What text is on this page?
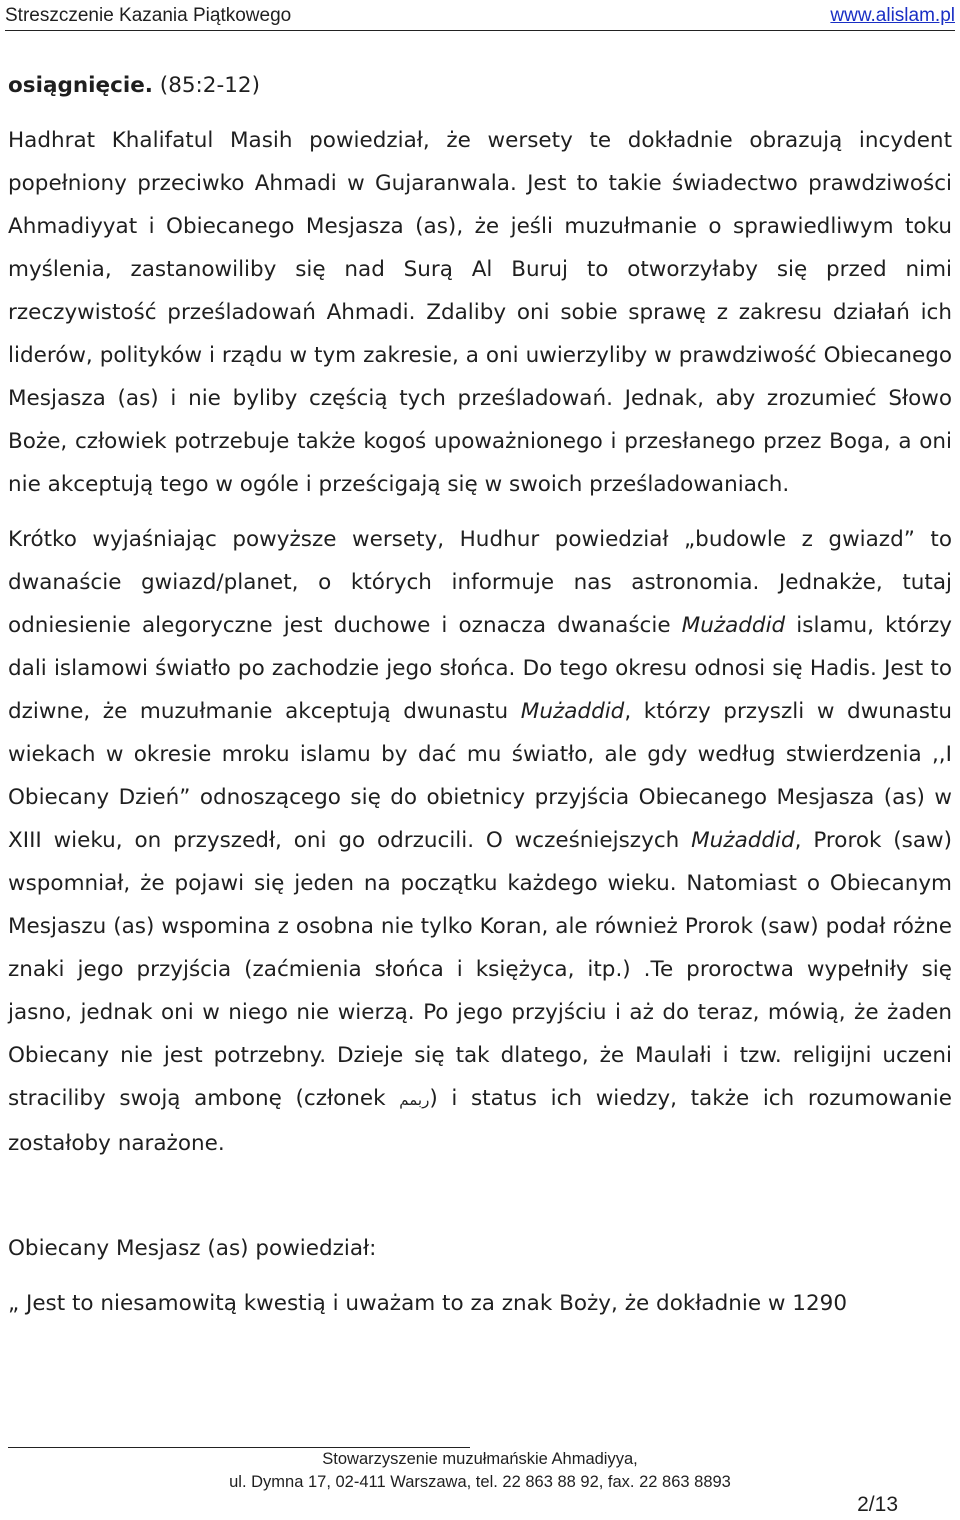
Streszczenie Kazania Piątkowego	www.alislam.pl

osiągnięcie. (85:2-12)

Hadhrat Khalifatul Masih powiedział, że wersety te dokładnie obrazują incydent popełniony przeciwko Ahmadi w Gujaranwala. Jest to takie świadectwo prawdziwości Ahmadiyyat i Obiecanego Mesjasza (as), że jeśli muzułmanie o sprawiedliwym toku myślenia, zastanowiliby się nad Surą Al Buruj to otworzyłaby się przed nimi rzeczywistość prześladowań Ahmadi. Zdaliby oni sobie sprawę z zakresu działań ich liderów, polityków i rządu w tym zakresie, a oni uwierzyliby w prawdziwość Obiecanego Mesjasza (as) i nie byliby częścią tych prześladowań. Jednak, aby zrozumieć Słowo Boże, człowiek potrzebuje także kogoś upoważnionego i przesłanego przez Boga, a oni nie akceptują tego w ogóle i prześcigają się w swoich prześladowaniach.

Krótko wyjaśniając powyższe wersety, Hudhur powiedział „budowle z gwiazd” to dwanaście gwiazd/planet, o których informuje nas astronomia. Jednakże, tutaj odniesienie alegoryczne jest duchowe i oznacza dwanaście Mużaddid islamu, którzy dali islamowi światło po zachodzie jego słońca. Do tego okresu odnosi się Hadis. Jest to dziwne, że muzułmanie akceptują dwunastu Mużaddid, którzy przyszli w dwunastu wiekach w okresie mroku islamu by dać mu światło, ale gdy według stwierdzenia ,,I Obiecany Dzień” odnoszącego się do obietnicy przyjścia Obiecanego Mesjasza (as) w XIII wieku, on przyszedł, oni go odrzucili. O wcześniejszych Mużaddid, Prorok (saw) wspomniał, że pojawi się jeden na początku każdego wieku. Natomiast o Obiecanym Mesjaszu (as) wspomina z osobna nie tylko Koran, ale również Prorok (saw) podał różne znaki jego przyjścia (zaćmienia słońca i księżyca, itp.) .Te proroctwa wypełniły się jasno, jednak oni w niego nie wierzą. Po jego przyjściu i aż do teraz, mówią, że żaden Obiecany nie jest potrzebny. Dzieje się tak dlatego, że Maulałi i tzw. religijni uczeni straciliby swoją ambonę (członek ربمم) i status ich wiedzy, także ich rozumowanie zostałoby narażone.

Obiecany Mesjasz (as) powiedział:

„ Jest to niesamowitą kwestią i uważam to za znak Boży, że dokładnie w 1290

Stowarzyszenie muzułmańskie Ahmadiyya,
ul. Dymna 17, 02-411 Warszawa, tel. 22 863 88 92, fax. 22 863 8893
2/13
